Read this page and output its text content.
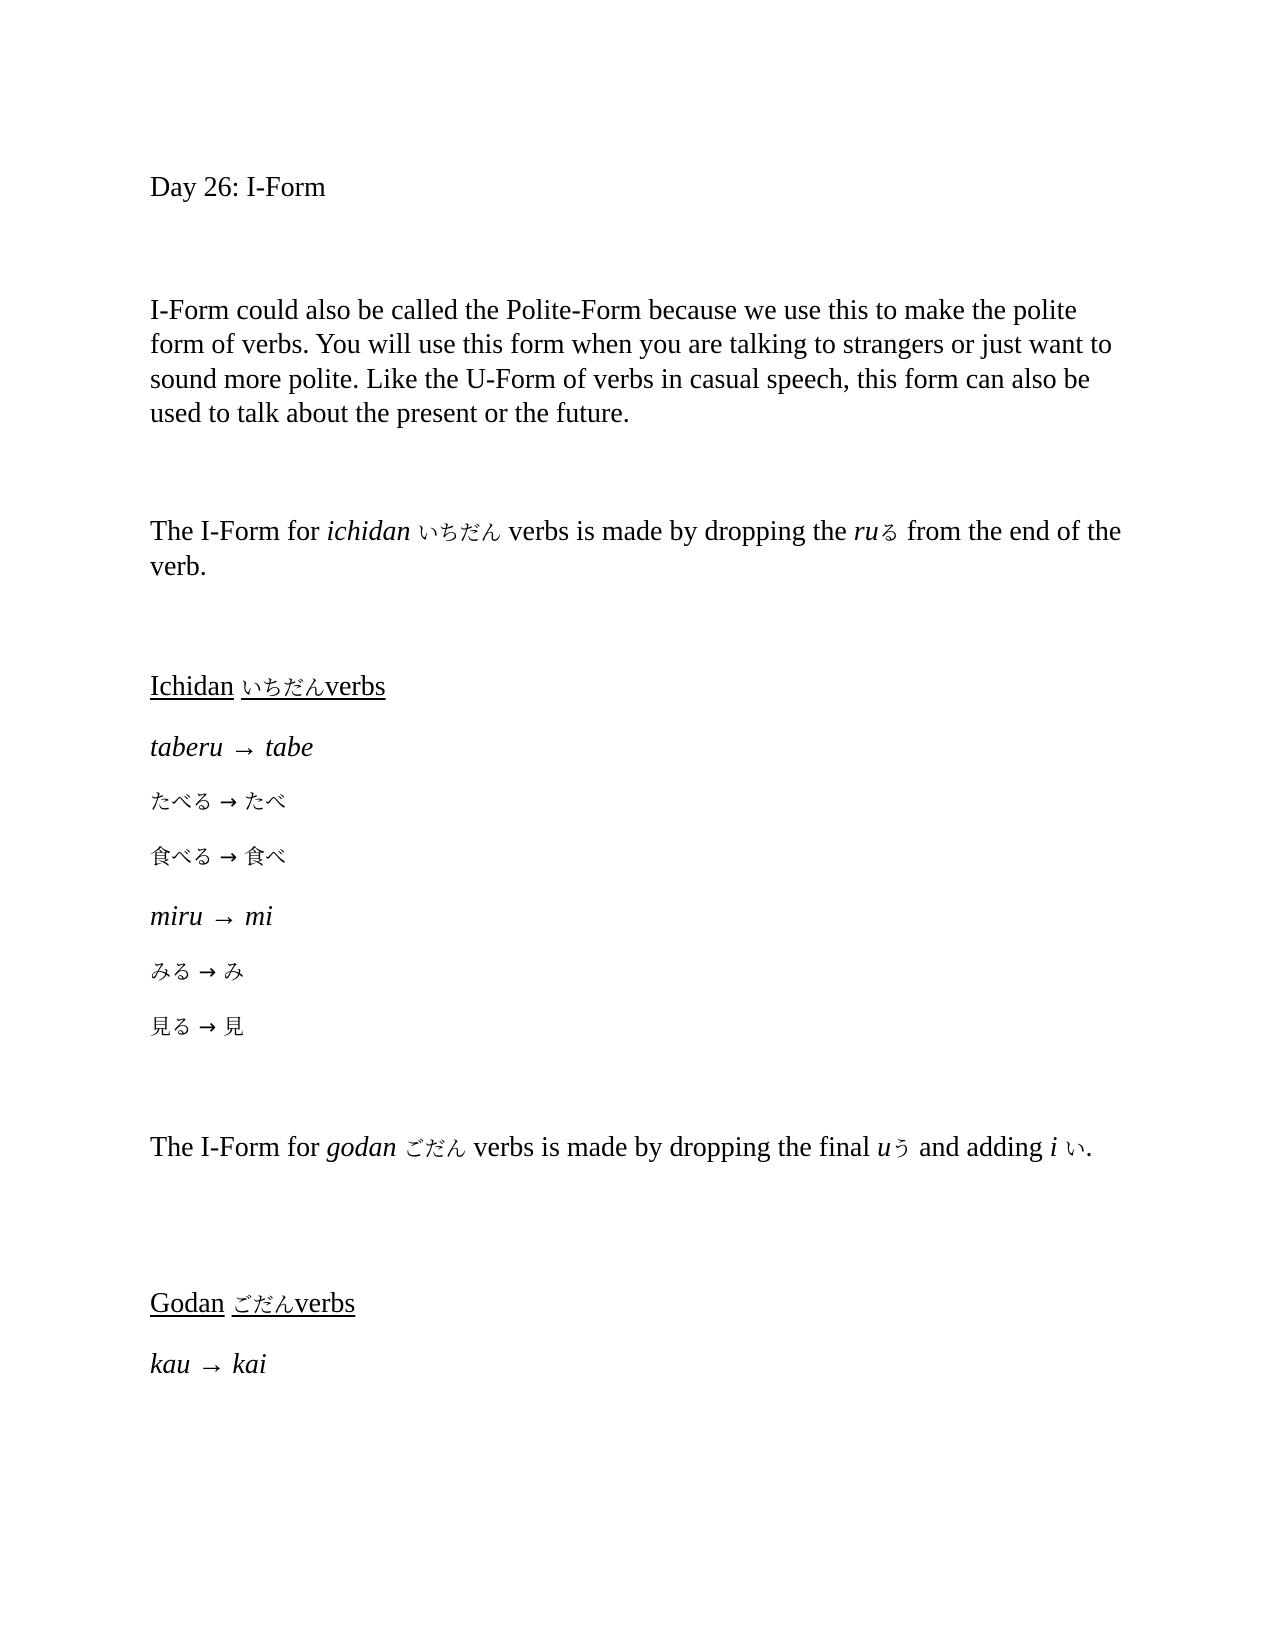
Day 26: I-Form
I-Form could also be called the Polite-Form because we use this to make the polite form of verbs. You will use this form when you are talking to strangers or just want to sound more polite. Like the U-Form of verbs in casual speech, this form can also be used to talk about the present or the future.
The I-Form for ichidan いちだん verbs is made by dropping the ruる from the end of the verb.
Ichidan いちだんverbs
taberu → tabe
たべる → たべ
食べる → 食べ
miru → mi
みる → み
見る → 見
The I-Form for godan ごだん verbs is made by dropping the final uう and adding i い.
Godan ごだんverbs
kau → kai
